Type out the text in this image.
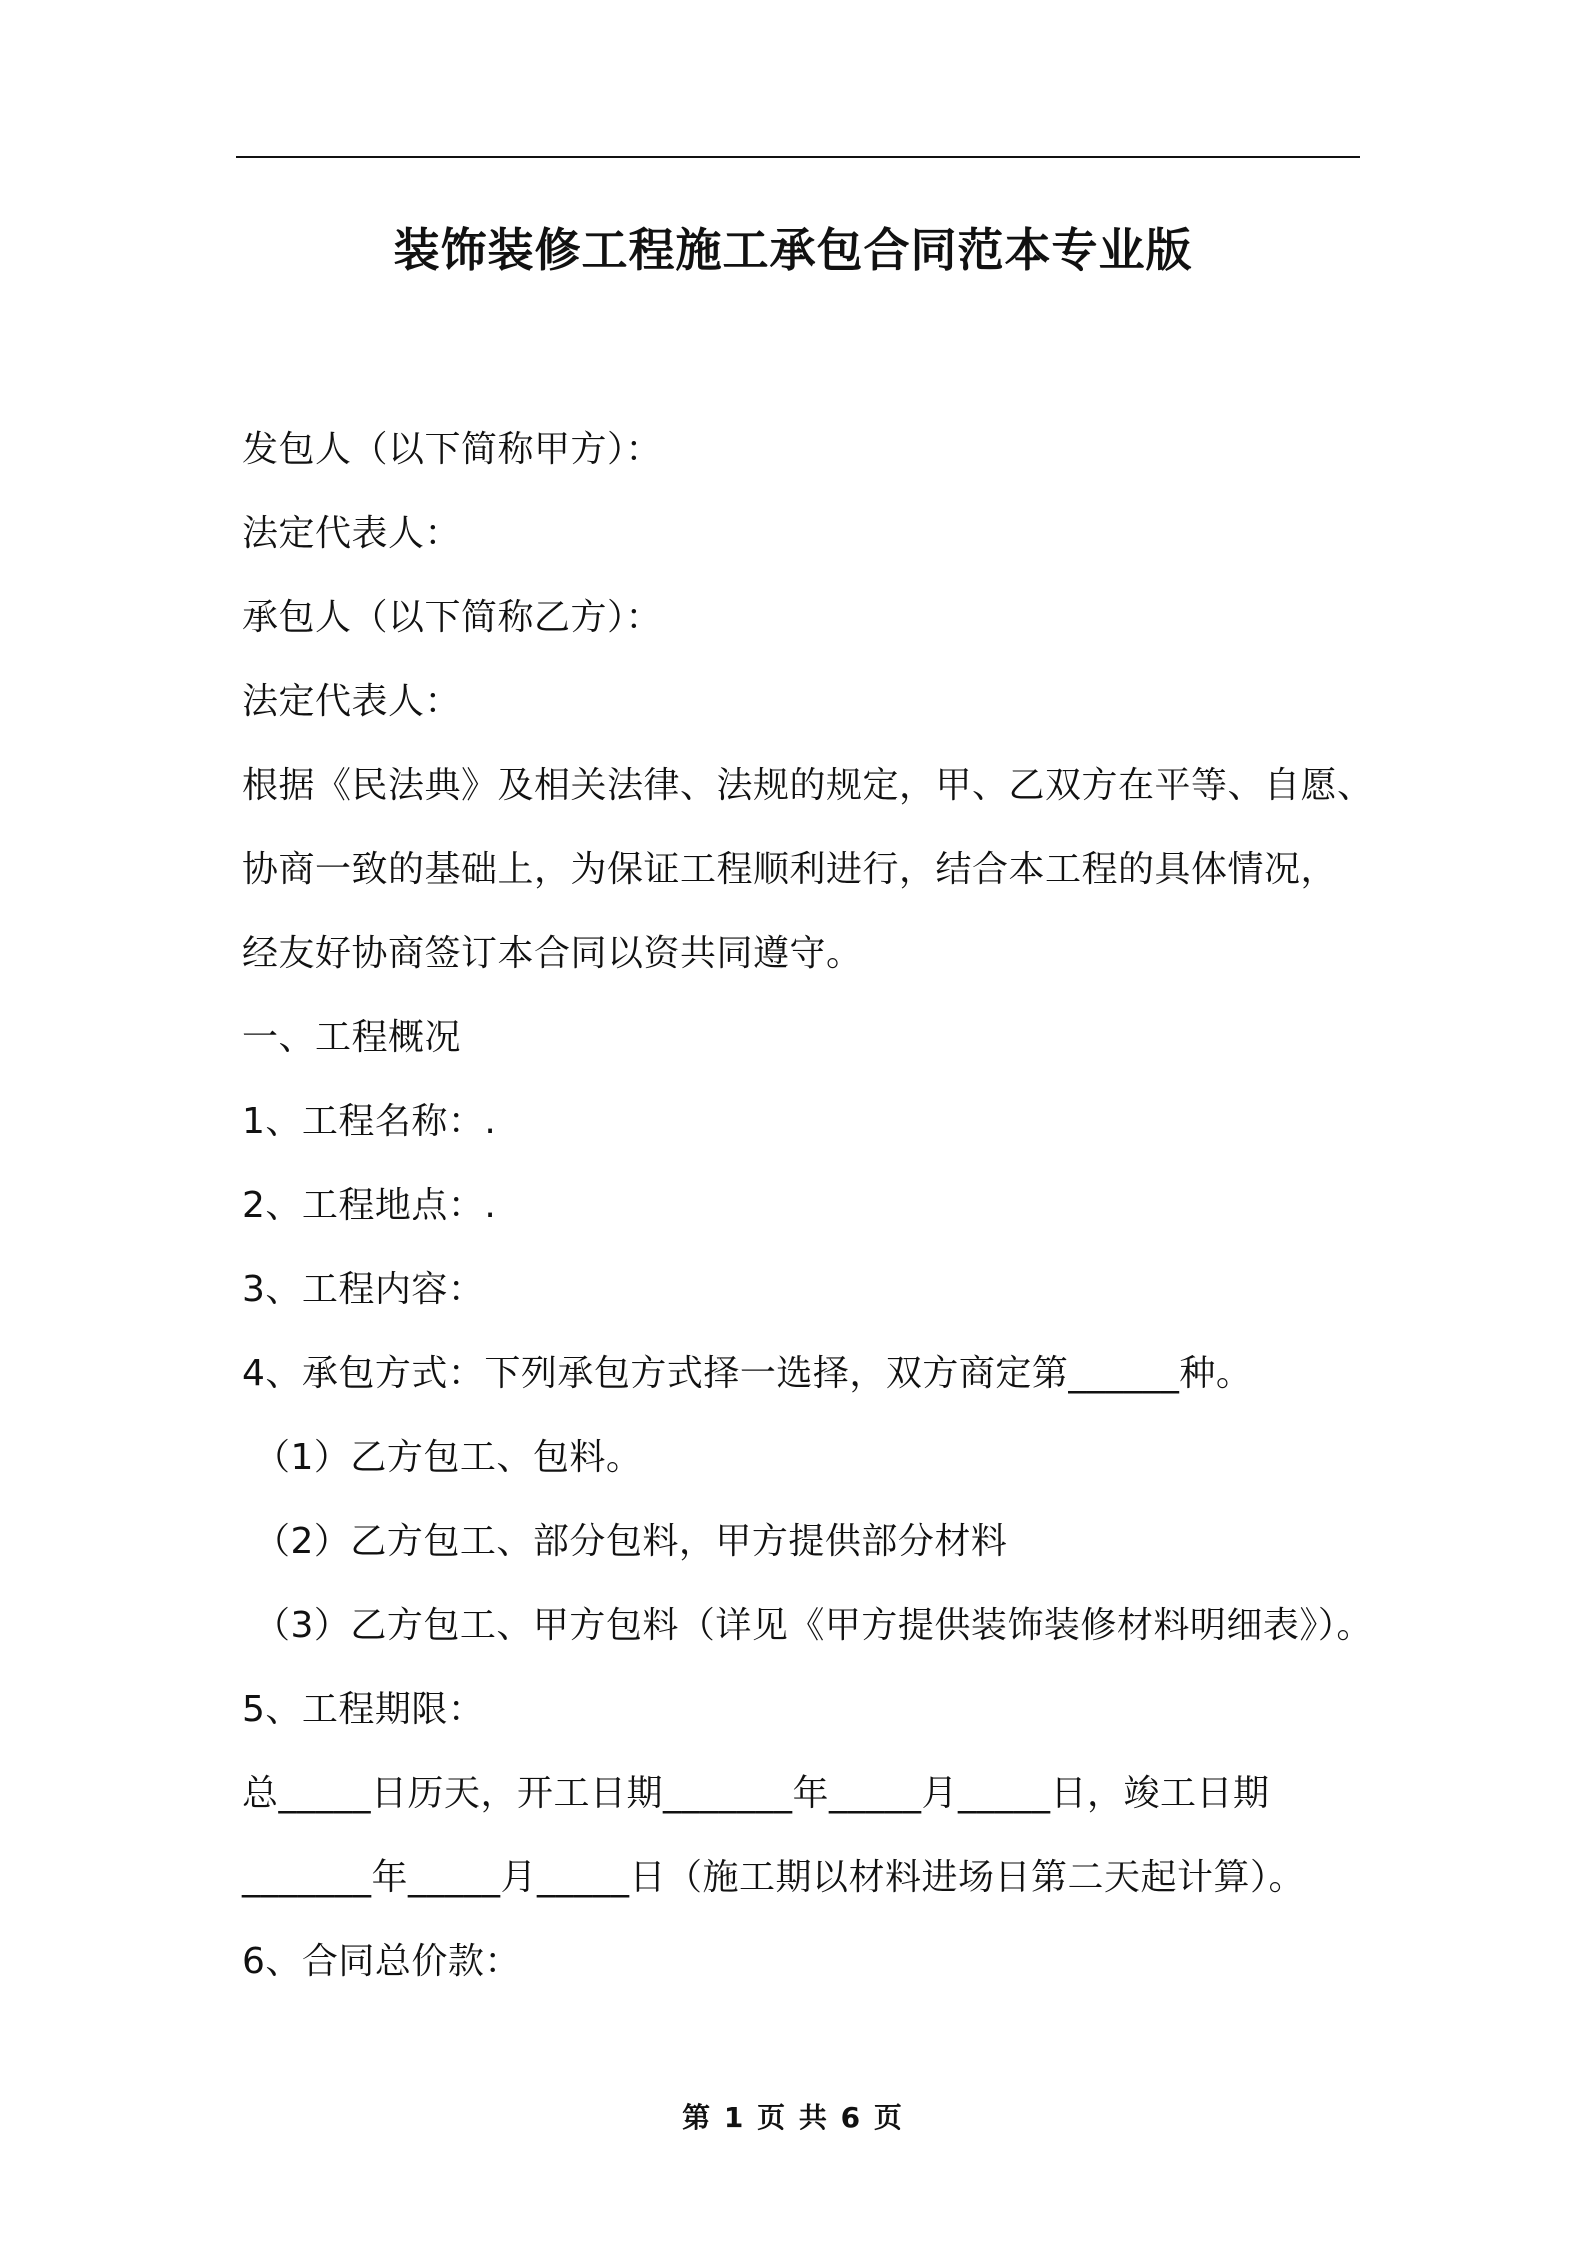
装饰装修工程施工承包合同范本专业版
发包人（以下简称甲方）：
法定代表人：
承包人（以下简称乙方）：
法定代表人：
根据《民法典》及相关法律、法规的规定，甲、乙双方在平等、自愿、
协商一致的基础上，为保证工程顺利进行，结合本工程的具体情况，
经友好协商签订本合同以资共同遵守。
一、工程概况
1、工程名称：.
2、工程地点：.
3、工程内容：
4、承包方式：下列承包方式择一选择，双方商定第______种。
（1）乙方包工、包料。
（2）乙方包工、部分包料，甲方提供部分材料
（3）乙方包工、甲方包料（详见《甲方提供装饰装修材料明细表》）。
5、工程期限：
总_____日历天，开工日期_______年_____月_____日，竣工日期
_______年_____月_____日（施工期以材料进场日第二天起计算）。
6、合同总价款：
第 1 页 共 6 页
